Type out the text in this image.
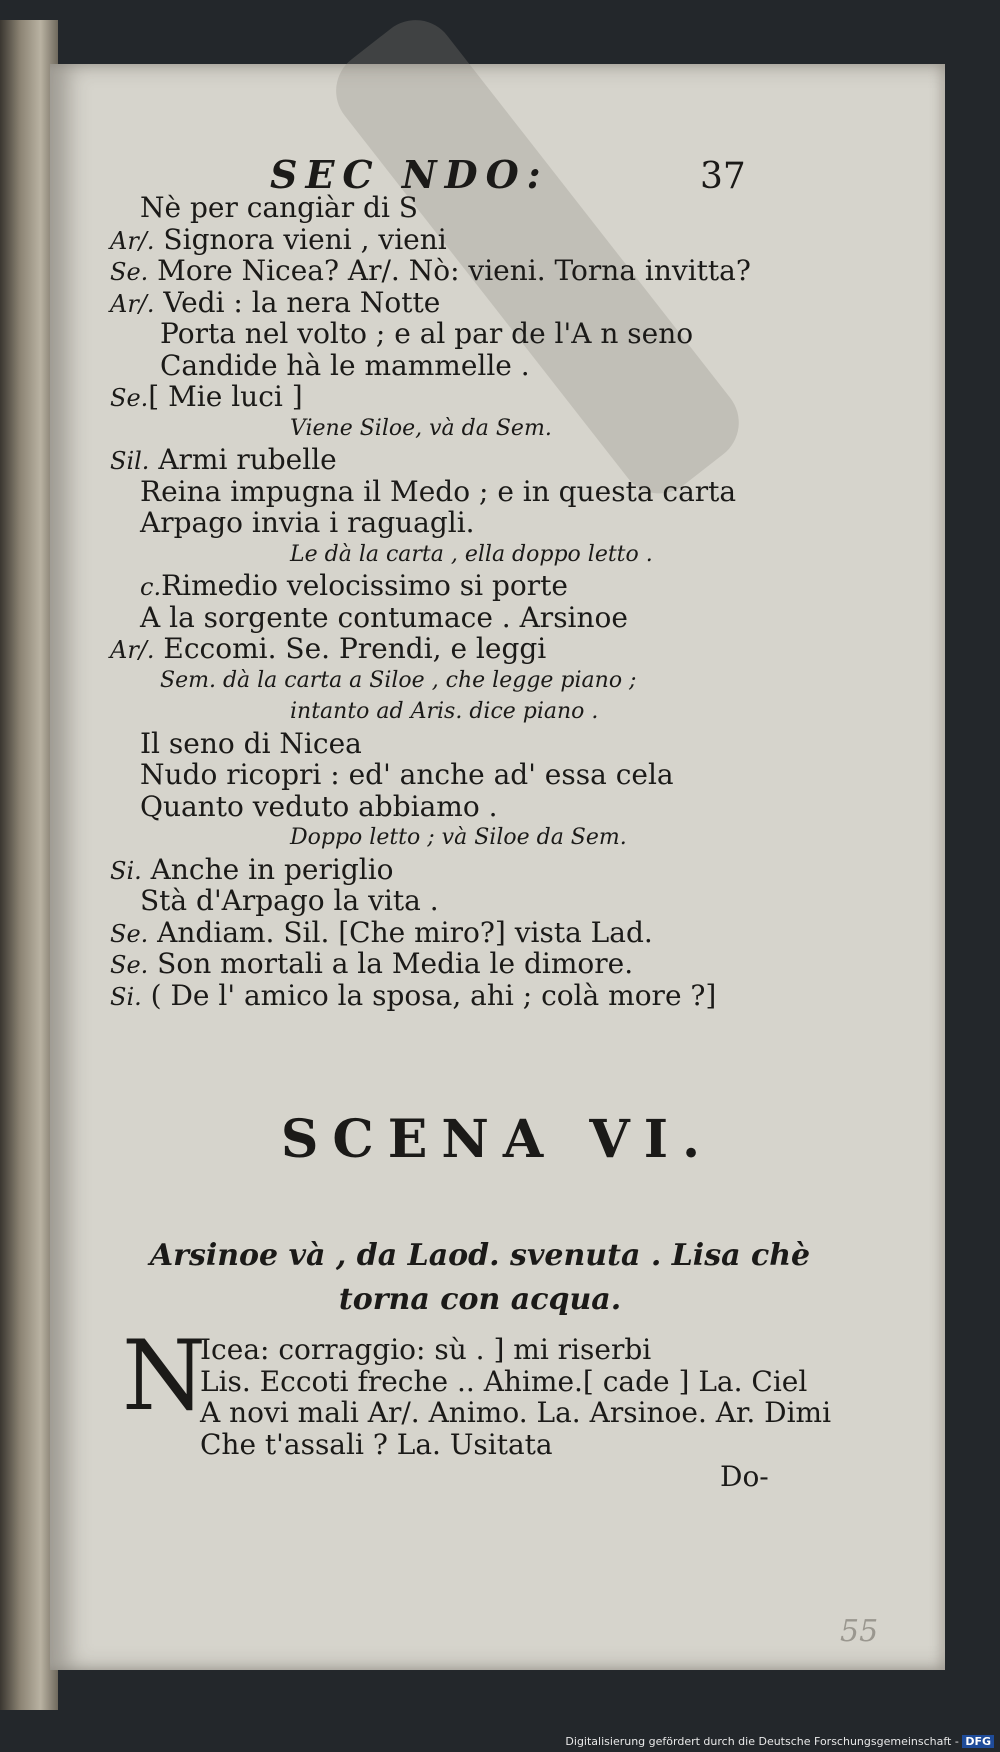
SEC NDO:	37
Nè per cangiàr di S
Ar/. Signora vieni , vieni
Se. More Nicea? Ar/. Nò: vieni. Torna invitta?
Ar/. Vedi : la nera Notte
Porta nel volto ; e al par de l'A n seno
Candide hà le mammelle .
Se.[ Mie luci ]
Viene Siloe, và da Sem.
Sil. Armi rubelle
Reina impugna il Medo ; e in questa carta
Arpago invia i raguagli.
Le dà la carta , ella doppo letto .
c.Rimedio velocissimo si porte
A la sorgente contumace . Arsinoe
Ar/. Eccomi. Se. Prendi, e leggi
Sem. dà la carta a Siloe , che legge piano ;
intanto ad Aris. dice piano .
Il seno di Nicea
Nudo ricopri : ed' anche ad' essa cela
Quanto veduto abbiamo .
Doppo letto ; và Siloe da Sem.
Si. Anche in periglio
Stà d'Arpago la vita .
Se. Andiam. Sil. [Che miro?] vista Lad.
Se. Son mortali a la Media le dimore.
Si. ( De l' amico la sposa, ahi ; colà more ?]
SCENA VI.
Arsinoe và , da Laod. svenuta . Lisa chè
torna con acqua.
N
Icea: corraggio: sù . ] mi riserbi
Lis. Eccoti freche .. Ahime.[ cade ] La. Ciel
A novi mali Ar/. Animo. La. Arsinoe. Ar. Dimi
Che t'assali ? La. Usitata
Do-
55
Digitalisierung gefördert durch die Deutsche Forschungsgemeinschaft - DFG
